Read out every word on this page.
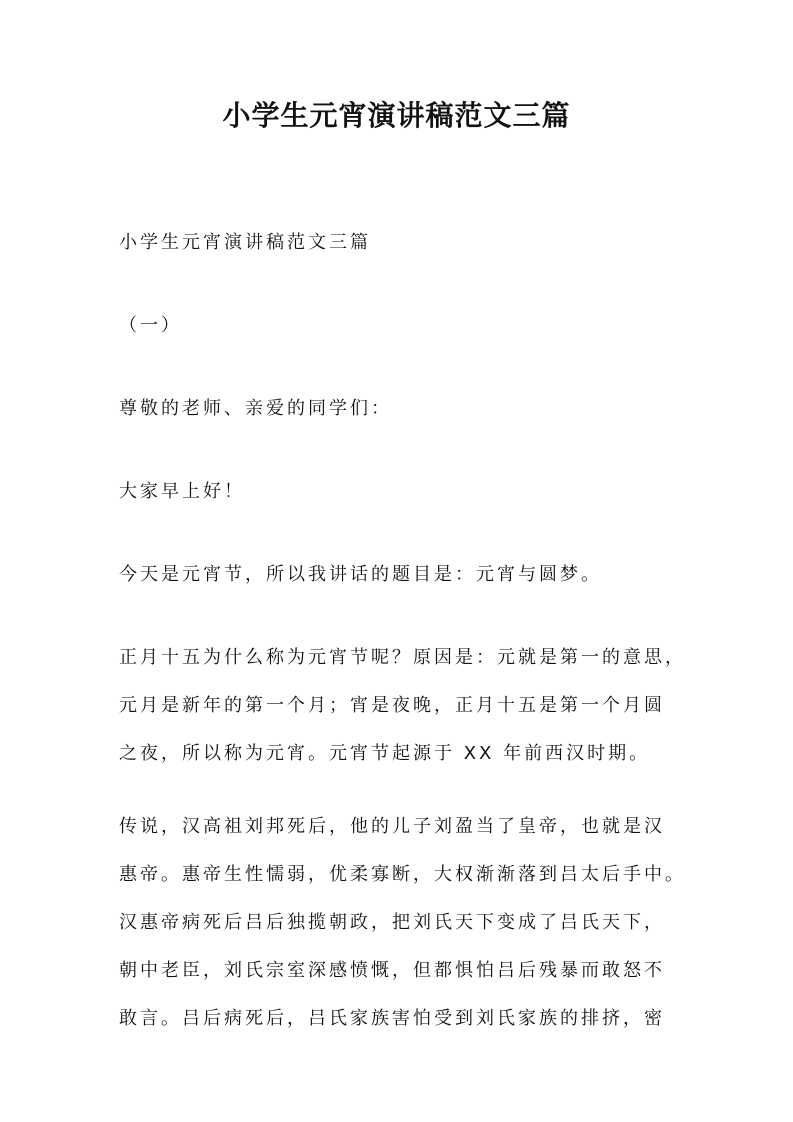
小学生元宵演讲稿范文三篇

小学生元宵演讲稿范文三篇

（一）

尊敬的老师、亲爱的同学们：

大家早上好！

今天是元宵节，所以我讲话的题目是：元宵与圆梦。

正月十五为什么称为元宵节呢？原因是：元就是第一的意思，
元月是新年的第一个月；宵是夜晚，正月十五是第一个月圆
之夜，所以称为元宵。元宵节起源于 XX 年前西汉时期。
传说，汉高祖刘邦死后，他的儿子刘盈当了皇帝，也就是汉
惠帝。惠帝生性懦弱，优柔寡断，大权渐渐落到吕太后手中。
汉惠帝病死后吕后独揽朝政，把刘氏天下变成了吕氏天下，
朝中老臣，刘氏宗室深感愤慨，但都惧怕吕后残暴而敢怒不
敢言。吕后病死后，吕氏家族害怕受到刘氏家族的排挤，密
